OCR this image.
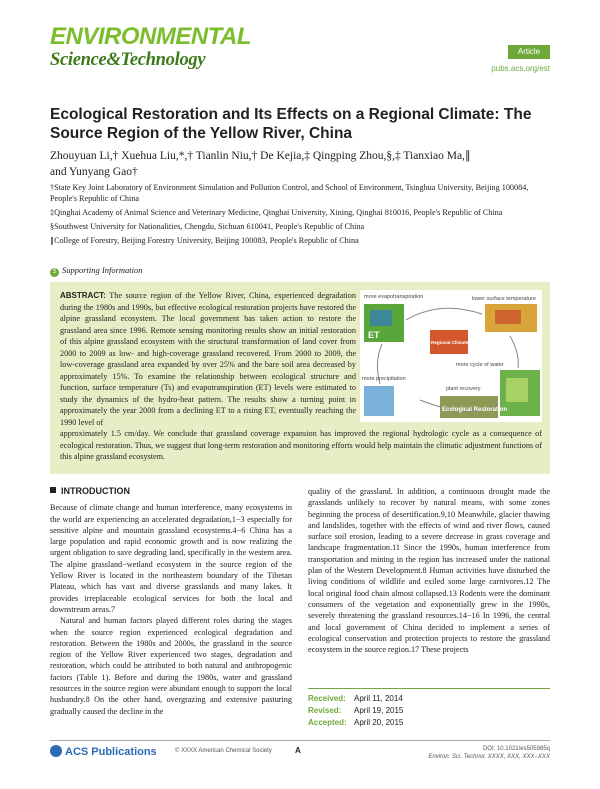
ENVIRONMENTAL
Science&Technology	Article
pubs.acs.org/est
Ecological Restoration and Its Effects on a Regional Climate: The Source Region of the Yellow River, China
Zhouyuan Li,† Xuehua Liu,*,† Tianlin Niu,† De Kejia,‡ Qingping Zhou,§,‡ Tianxiao Ma,∥
and Yunyang Gao†
†State Key Joint Laboratory of Environment Simulation and Pollution Control, and School of Environment, Tsinghua University, Beijing 100084, People's Republic of China
‡Qinghai Academy of Animal Science and Veterinary Medicine, Qinghai University, Xining, Qinghai 810016, People's Republic of China
§Southwest University for Nationalities, Chengdu, Sichuan 610041, People's Republic of China
∥College of Forestry, Beijing Forestry University, Beijing 100083, People's Republic of China
S Supporting Information
ABSTRACT: The source region of the Yellow River, China, experienced degradation during the 1980s and 1990s, but effective ecological restoration projects have restored the alpine grassland ecosystem. The local government has taken action to restore the grassland area since 1996. Remote sensing monitoring results show an initial restoration of this alpine grassland ecosystem with the structural transformation of land cover from 2000 to 2009 as low- and high-coverage grassland recovered. From 2000 to 2009, the low-coverage grassland area expanded by over 25% and the bare soil area decreased by approximately 15%. To examine the relationship between ecological structure and function, surface temperature (Ts) and evapotranspiration (ET) levels were estimated to study the dynamics of the hydro-heat pattern. The results show a turning point in approximately the year 2000 from a declining ET to a rising ET, eventually reaching the 1990 level of
approximately 1.5 cm/day. We conclude that grassland coverage expansion has improved the regional hydrologic cycle as a consequence of ecological restoration. Thus, we suggest that long-term restoration and monitoring efforts would help maintain the climatic adjustment functions of this alpine grassland ecosystem.
more evapotranspiration	lower surface temperature
ET
Regional Climate Adjustment
more precipitation
more cycle of water
plant recovery
Ecological Restoration
INTRODUCTION

Because of climate change and human interference, many ecosystems in the world are experiencing an accelerated degradation,1−3 especially for sensitive alpine and mountain grassland ecosystems.4−6 China has a large population and rapid economic growth and is now realizing the urgent obligation to save degrading land, specifically in the western area. The alpine grassland−wetland ecosystem in the source region of the Yellow River is located in the northeastern boundary of the Tibetan Plateau, which has vast and diverse grasslands and many lakes. It provides irreplaceable ecological services for both the local and downstream areas.7

Natural and human factors played different roles during the stages when the source region experienced ecological degradation and restoration. Between the 1980s and 2000s, the grassland in the source region of the Yellow River experienced two stages, degradation and restoration, which could be attributed to both natural and anthropogenic factors (Table 1). Before and during the 1980s, water and grassland resources in the source region were abundant enough to support the local husbandry.8 On the other hand, overgrazing and extensive pasturing gradually caused the decline in the

quality of the grassland. In addition, a continuous drought made the grasslands unlikely to recover by natural means, with some zones beginning the process of desertification.9,10 Meanwhile, glacier thawing and landslides, together with the effects of wind and river flows, caused surface soil erosion, leading to a severe decrease in grass coverage and landscape fragmentation.11 Since the 1990s, human interference from transportation and mining in the region has increased under the national plan of the Western Development.8 Human activities have disturbed the living conditions of wildlife and exiled some large carnivores.12 The local original food chain almost collapsed.13 Rodents were the dominant consumers of the vegetation and exponentially grew in the 1990s, severely threatening the grassland resources.14−16 In 1996, the central and local government of China decided to implement a series of ecological conservation and protection projects to restore the grassland ecosystem in the source region.17 These projects

Received:	April 11, 2014
Revised:	April 19, 2015
Accepted: April 20, 2015
ACS Publications	© XXXX American Chemical Society	A	DOI: 10.1021/es505985q
Environ. Sci. Technol. XXXX, XXX, XXX−XXX
